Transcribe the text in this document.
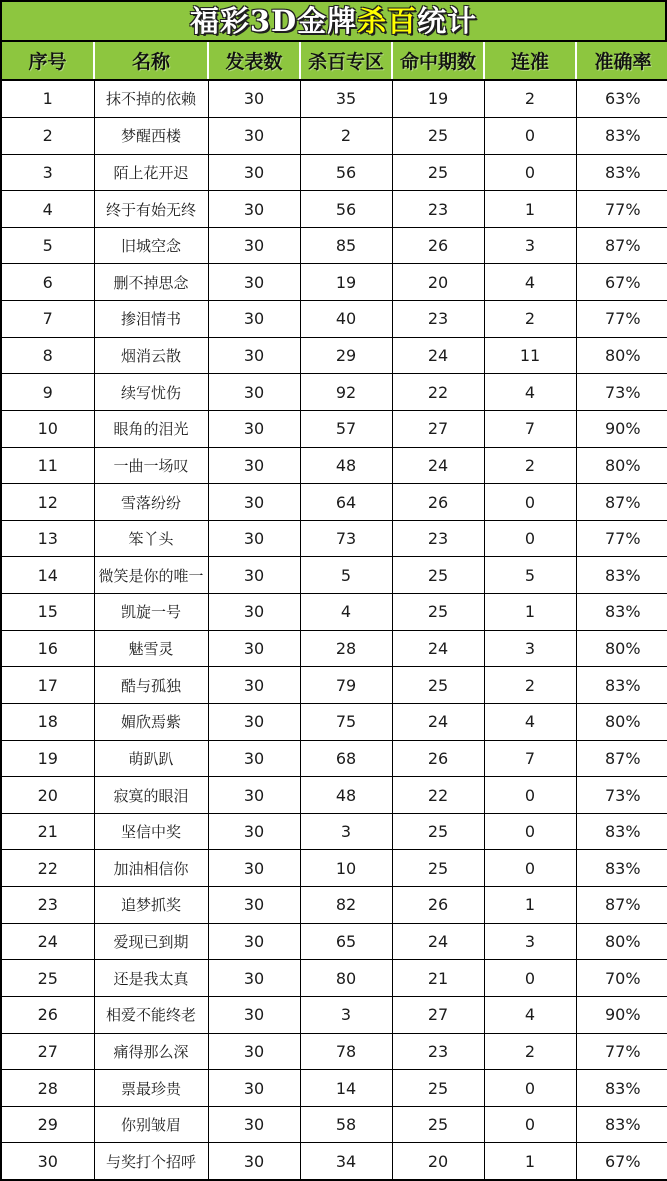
福彩3D金牌 杀百 统计
序号	名称	发表数	杀百专区	命中期数	连准	准确率
1	抹不掉的依赖	30	35	19	2	63%
2	梦醒西楼	30	2	25	0	83%
3	陌上花开迟	30	56	25	0	83%
4	终于有始无终	30	56	23	1	77%
5	旧城空念	30	85	26	3	87%
6	删不掉思念	30	19	20	4	67%
7	掺泪情书	30	40	23	2	77%
8	烟消云散	30	29	24	11	80%
9	续写忧伤	30	92	22	4	73%
10	眼角的泪光	30	57	27	7	90%
11	一曲一场叹	30	48	24	2	80%
12	雪落纷纷	30	64	26	0	87%
13	笨丫头	30	73	23	0	77%
14	微笑是你的唯一	30	5	25	5	83%
15	凯旋一号	30	4	25	1	83%
16	魅雪灵	30	28	24	3	80%
17	酷与孤独	30	79	25	2	83%
18	媚欣焉紫	30	75	24	4	80%
19	萌趴趴	30	68	26	7	87%
20	寂寞的眼泪	30	48	22	0	73%
21	坚信中奖	30	3	25	0	83%
22	加油相信你	30	10	25	0	83%
23	追梦抓奖	30	82	26	1	87%
24	爱现已到期	30	65	24	3	80%
25	还是我太真	30	80	21	0	70%
26	相爱不能终老	30	3	27	4	90%
27	痛得那么深	30	78	23	2	77%
28	票最珍贵	30	14	25	0	83%
29	你别皱眉	30	58	25	0	83%
30	与奖打个招呼	30	34	20	1	67%
